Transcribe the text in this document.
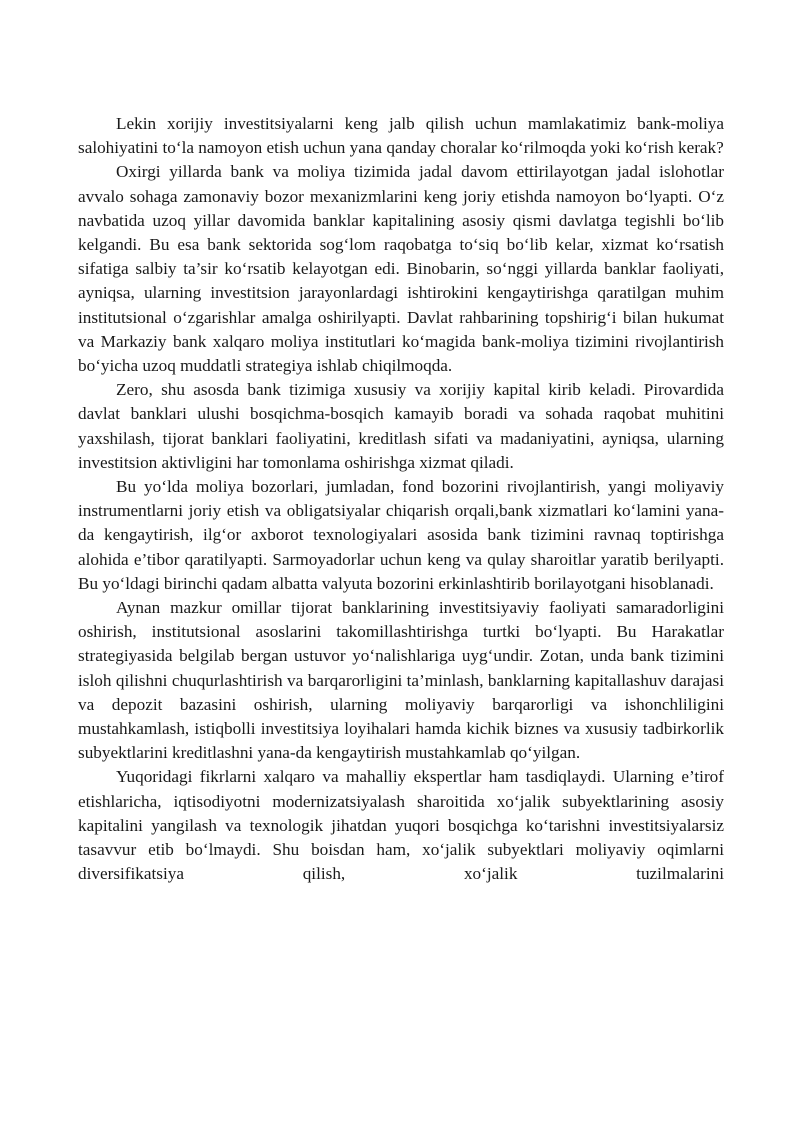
Lekin xorijiy investitsiyalarni keng jalb qilish uchun mamlakatimiz bank-moliya salohiyatini to‘la namoyon etish uchun yana qanday choralar ko‘rilmoqda yoki ko‘rish kerak?

Oxirgi yillarda bank va moliya tizimida jadal davom ettirilayotgan jadal islohotlar avvalo sohaga zamonaviy bozor mexanizmlarini keng joriy etishda namoyon bo‘lyapti. O‘z navbatida uzoq yillar davomida banklar kapitalining asosiy qismi davlatga tegishli bo‘lib kelgandi. Bu esa bank sektorida sog‘lom raqobatga to‘siq bo‘lib kelar, xizmat ko‘rsatish sifatiga salbiy ta’sir ko‘rsatib kelayotgan edi. Binobarin, so‘nggi yillarda banklar faoliyati, ayniqsa, ularning investitsion jarayonlardagi ishtirokini kengaytirishga qaratilgan muhim institutsional o‘zgarishlar amalga oshirilyapti. Davlat rahbarining topshirig‘i bilan hukumat va Markaziy bank xalqaro moliya institutlari ko‘magida bank-moliya tizimini rivojlantirish bo‘yicha uzoq muddatli strategiya ishlab chiqilmoqda.

Zero, shu asosda bank tizimiga xususiy va xorijiy kapital kirib keladi. Pirovardida davlat banklari ulushi bosqichma-bosqich kamayib boradi va sohada raqobat muhitini yaxshilash, tijorat banklari faoliyatini, kreditlash sifati va madaniyatini, ayniqsa, ularning investitsion aktivligini har tomonlama oshirishga xizmat qiladi.

Bu yo‘lda moliya bozorlari, jumladan, fond bozorini rivojlantirish, yangi moliyaviy instrumentlarni joriy etish va obligatsiyalar chiqarish orqali,bank xizmatlari ko‘lamini yana-da kengaytirish, ilg‘or axborot texnologiyalari asosida bank tizimini ravnaq toptirishga alohida e’tibor qaratilyapti. Sarmoyadorlar uchun keng va qulay sharoitlar yaratib berilyapti. Bu yo‘ldagi birinchi qadam albatta valyuta bozorini erkinlashtirib borilayotgani hisoblanadi.

Aynan mazkur omillar tijorat banklarining investitsiyaviy faoliyati samaradorligini oshirish, institutsional asoslarini takomillashtirishga turtki bo‘lyapti. Bu Harakatlar strategiyasida belgilab bergan ustuvor yo‘nalishlariga uyg‘undir. Zotan, unda bank tizimini isloh qilishni chuqurlashtirish va barqarorligini ta’minlash, banklarning kapitallashuv darajasi va depozit bazasini oshirish, ularning moliyaviy barqarorligi va ishonchliligini mustahkamlash, istiqbolli investitsiya loyihalari hamda kichik biznes va xususiy tadbirkorlik subyektlarini kreditlashni yana-da kengaytirish mustahkamlab qo‘yilgan.

Yuqoridagi fikrlarni xalqaro va mahalliy ekspertlar ham tasdiqlaydi. Ularning e’tirof etishlaricha, iqtisodiyotni modernizatsiyalash sharoitida xo‘jalik subyektlarining asosiy kapitalini yangilash va texnologik jihatdan yuqori bosqichga ko‘tarishni investitsiyalarsiz tasavvur etib bo‘lmaydi. Shu boisdan ham, xo‘jalik subyektlari moliyaviy oqimlarni diversifikatsiya qilish, xo‘jalik tuzilmalarini
